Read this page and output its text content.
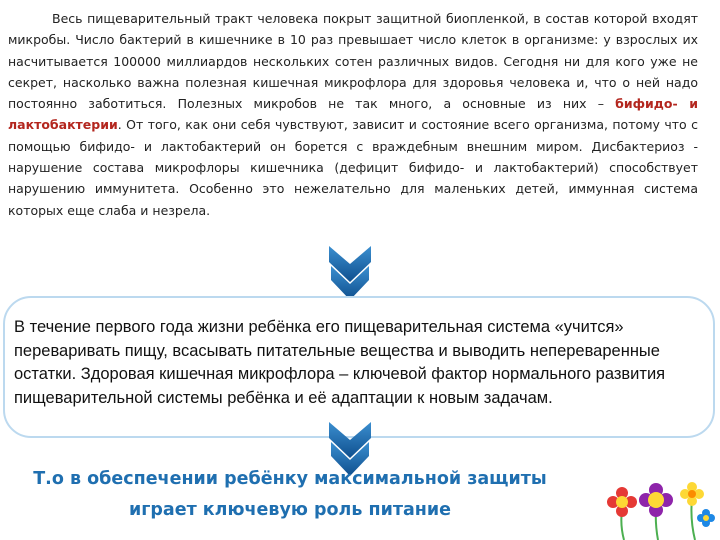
Весь пищеварительный тракт человека покрыт защитной биопленкой, в состав которой входят микробы. Число бактерий в кишечнике в 10 раз превышает число клеток в организме: у взрослых их насчитывается 100000 миллиардов нескольких сотен различных видов. Сегодня ни для кого уже не секрет, насколько важна полезная кишечная микрофлора для здоровья человека и, что о ней надо постоянно заботиться. Полезных микробов не так много, а основные из них – бифидо- и лактобактерии. От того, как они себя чувствуют, зависит и состояние всего организма, потому что с помощью бифидо- и лактобактерий он борется с враждебным внешним миром. Дисбактериоз - нарушение состава микрофлоры кишечника (дефицит бифидо- и лактобактерий) способствует нарушению иммунитета. Особенно это нежелательно для маленьких детей, иммунная система которых еще слаба и незрела.

В течение первого года жизни ребёнка его пищеварительная система «учится» переваривать пищу, всасывать питательные вещества и выводить непереваренные остатки. Здоровая кишечная микрофлора – ключевой фактор нормального развития пищеварительной системы ребёнка и её адаптации к новым задачам.

Т.о в обеспечении ребёнку максимальной защиты
играет ключевую роль питание
